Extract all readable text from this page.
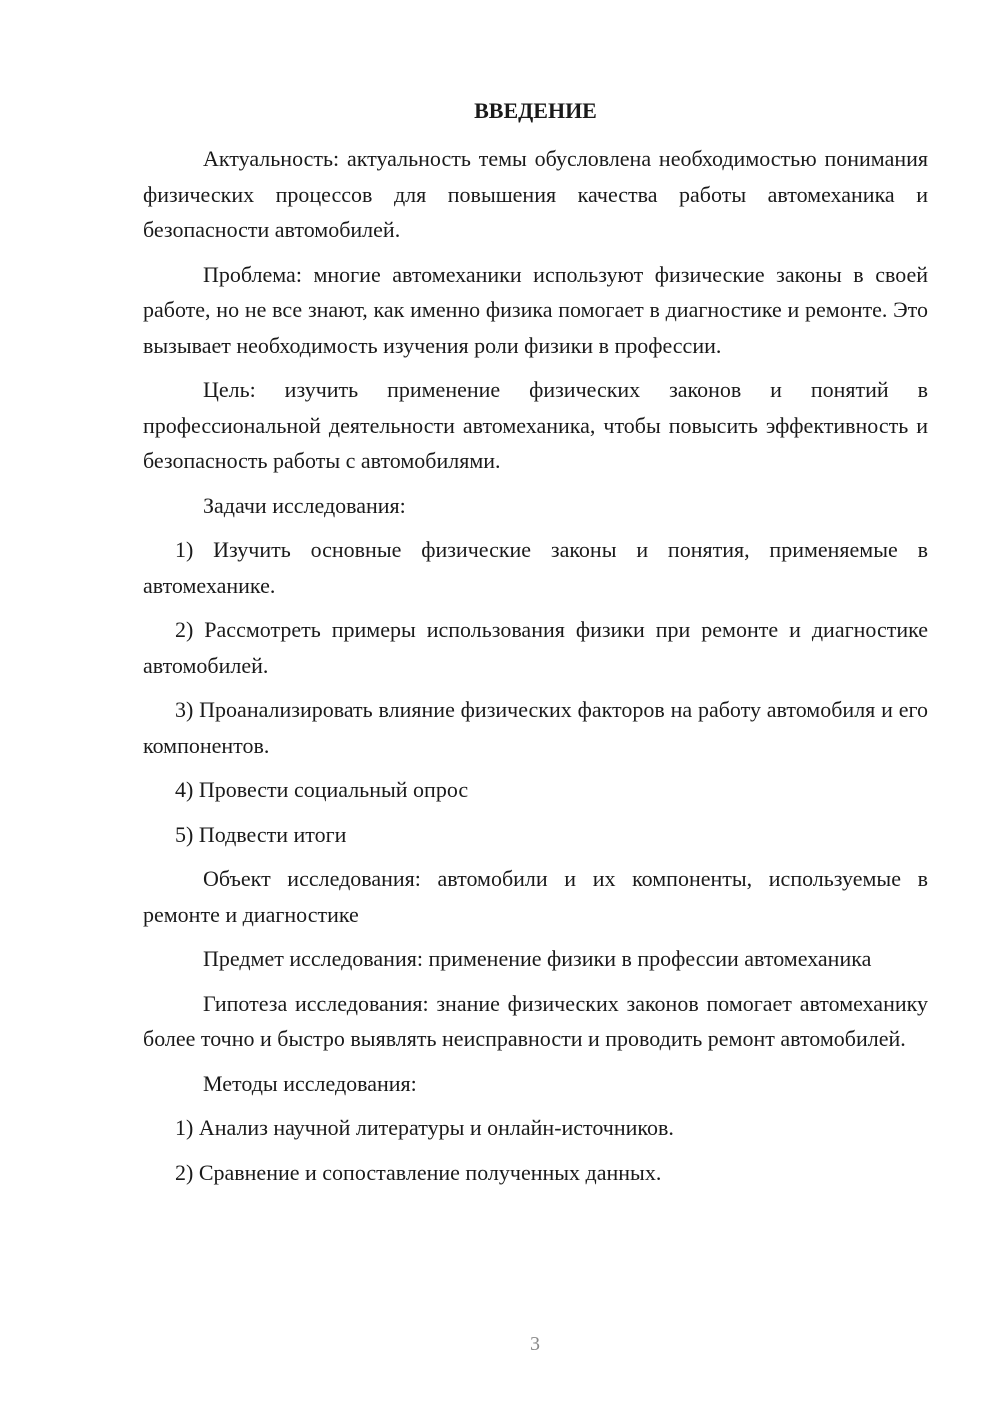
ВВЕДЕНИЕ

Актуальность: актуальность темы обусловлена необходимостью понимания физических процессов для повышения качества работы автомеханика и безопасности автомобилей.

Проблема: многие автомеханики используют физические законы в своей работе, но не все знают, как именно физика помогает в диагностике и ремонте. Это вызывает необходимость изучения роли физики в профессии.

Цель: изучить применение физических законов и понятий в профессиональной деятельности автомеханика, чтобы повысить эффективность и безопасность работы с автомобилями.

Задачи исследования:

1) Изучить основные физические законы и понятия, применяемые в автомеханике.

2) Рассмотреть примеры использования физики при ремонте и диагностике автомобилей.

3) Проанализировать влияние физических факторов на работу автомобиля и его компонентов.

4) Провести социальный опрос

5) Подвести итоги

Объект исследования: автомобили и их компоненты, используемые в ремонте и диагностике

Предмет исследования: применение физики в профессии автомеханика

Гипотеза исследования: знание физических законов помогает автомеханику более точно и быстро выявлять неисправности и проводить ремонт автомобилей.

Методы исследования:

1) Анализ научной литературы и онлайн-источников.

2) Сравнение и сопоставление полученных данных.

3
